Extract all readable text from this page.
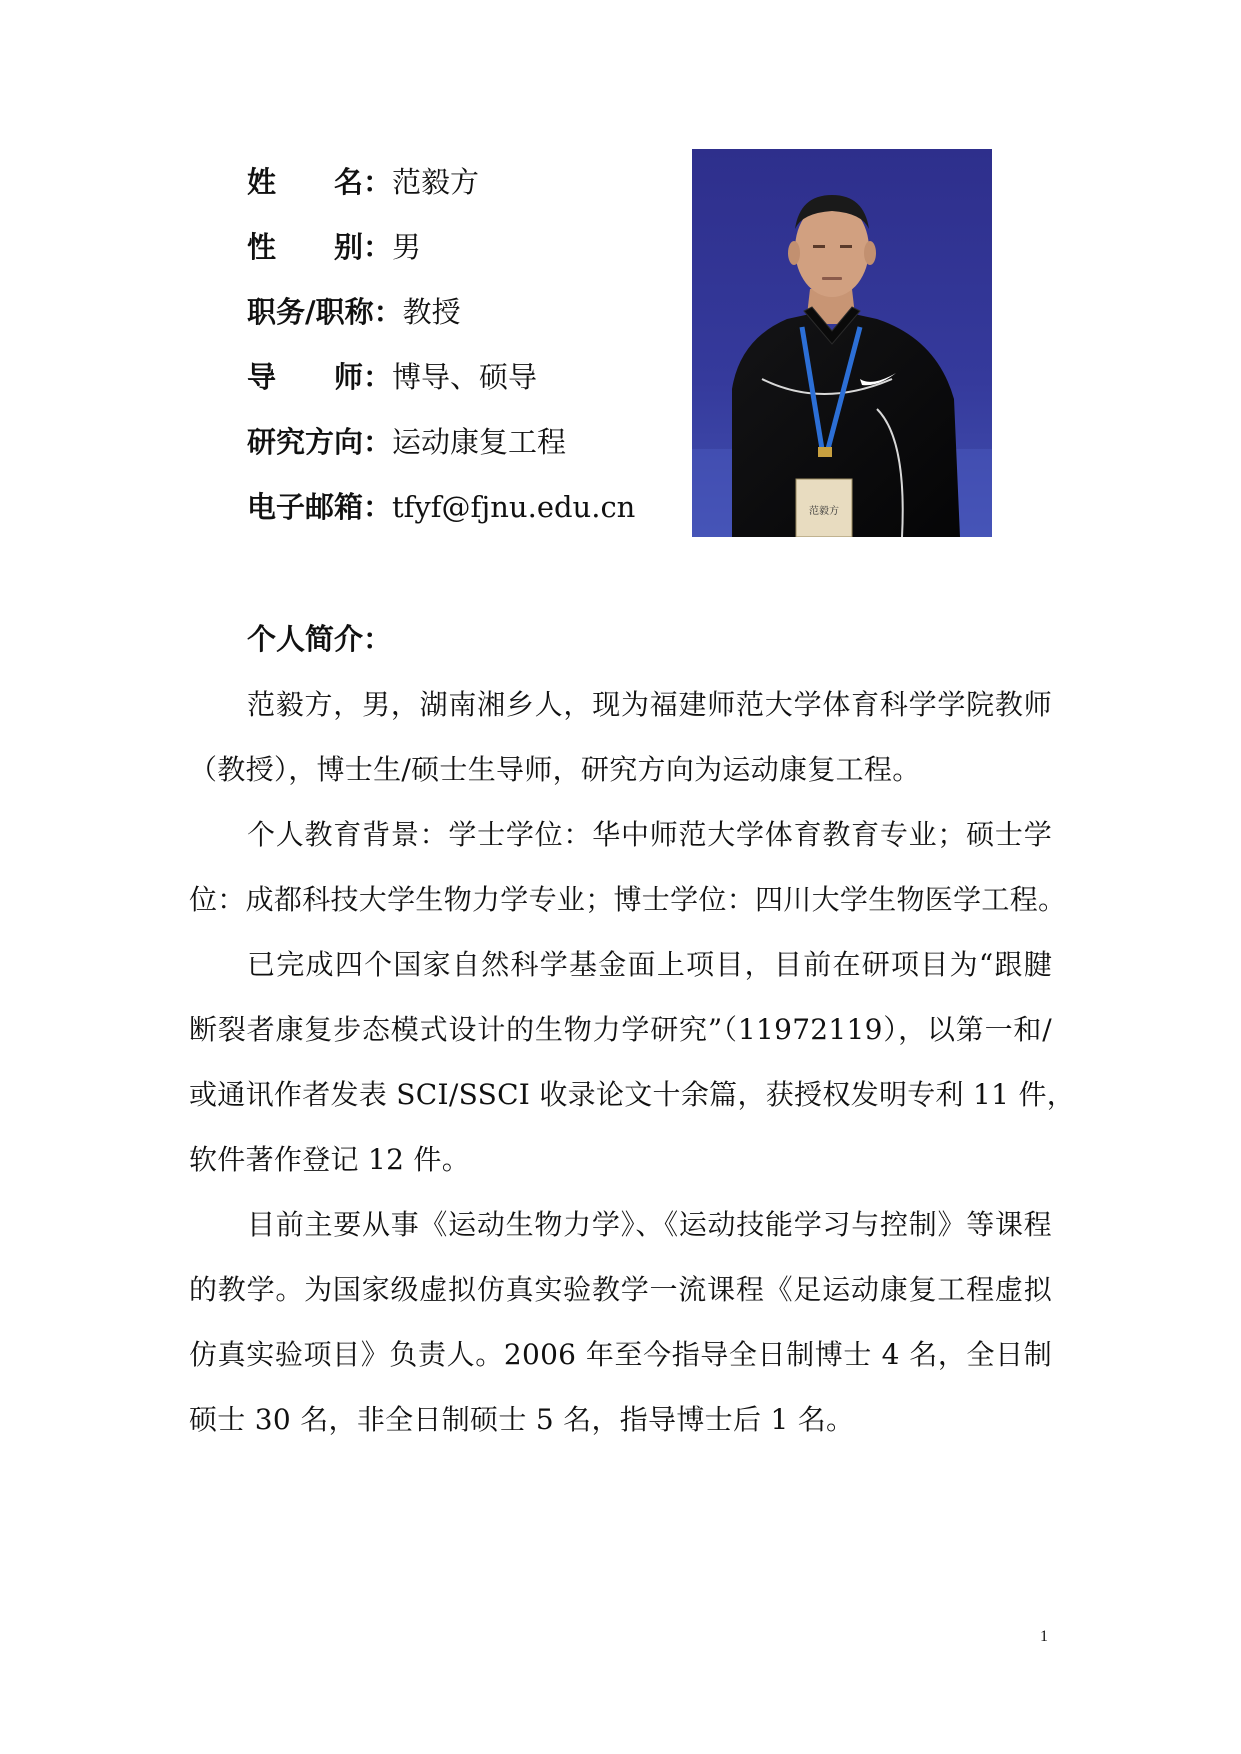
姓　　名：范毅方
性　　别：男
职务/职称：教授
导　　师：博导、硕导
研究方向：运动康复工程
电子邮箱：tfyf@fjnu.edu.cn	范毅方
个人简介：
范毅方，男，湖南湘乡人，现为福建师范大学体育科学学院教师
（教授），博士生/硕士生导师，研究方向为运动康复工程。
个人教育背景：学士学位：华中师范大学体育教育专业；硕士学
位：成都科技大学生物力学专业；博士学位：四川大学生物医学工程。
已完成四个国家自然科学基金面上项目，目前在研项目为“跟腱
断裂者康复步态模式设计的生物力学研究”（11972119），以第一和/
或通讯作者发表 SCI/SSCI 收录论文十余篇，获授权发明专利 11 件，
软件著作登记 12 件。
目前主要从事《运动生物力学》、《运动技能学习与控制》等课程
的教学。为国家级虚拟仿真实验教学一流课程《足运动康复工程虚拟
仿真实验项目》负责人。2006 年至今指导全日制博士 4 名，全日制
硕士 30 名，非全日制硕士 5 名，指导博士后 1 名。
1
